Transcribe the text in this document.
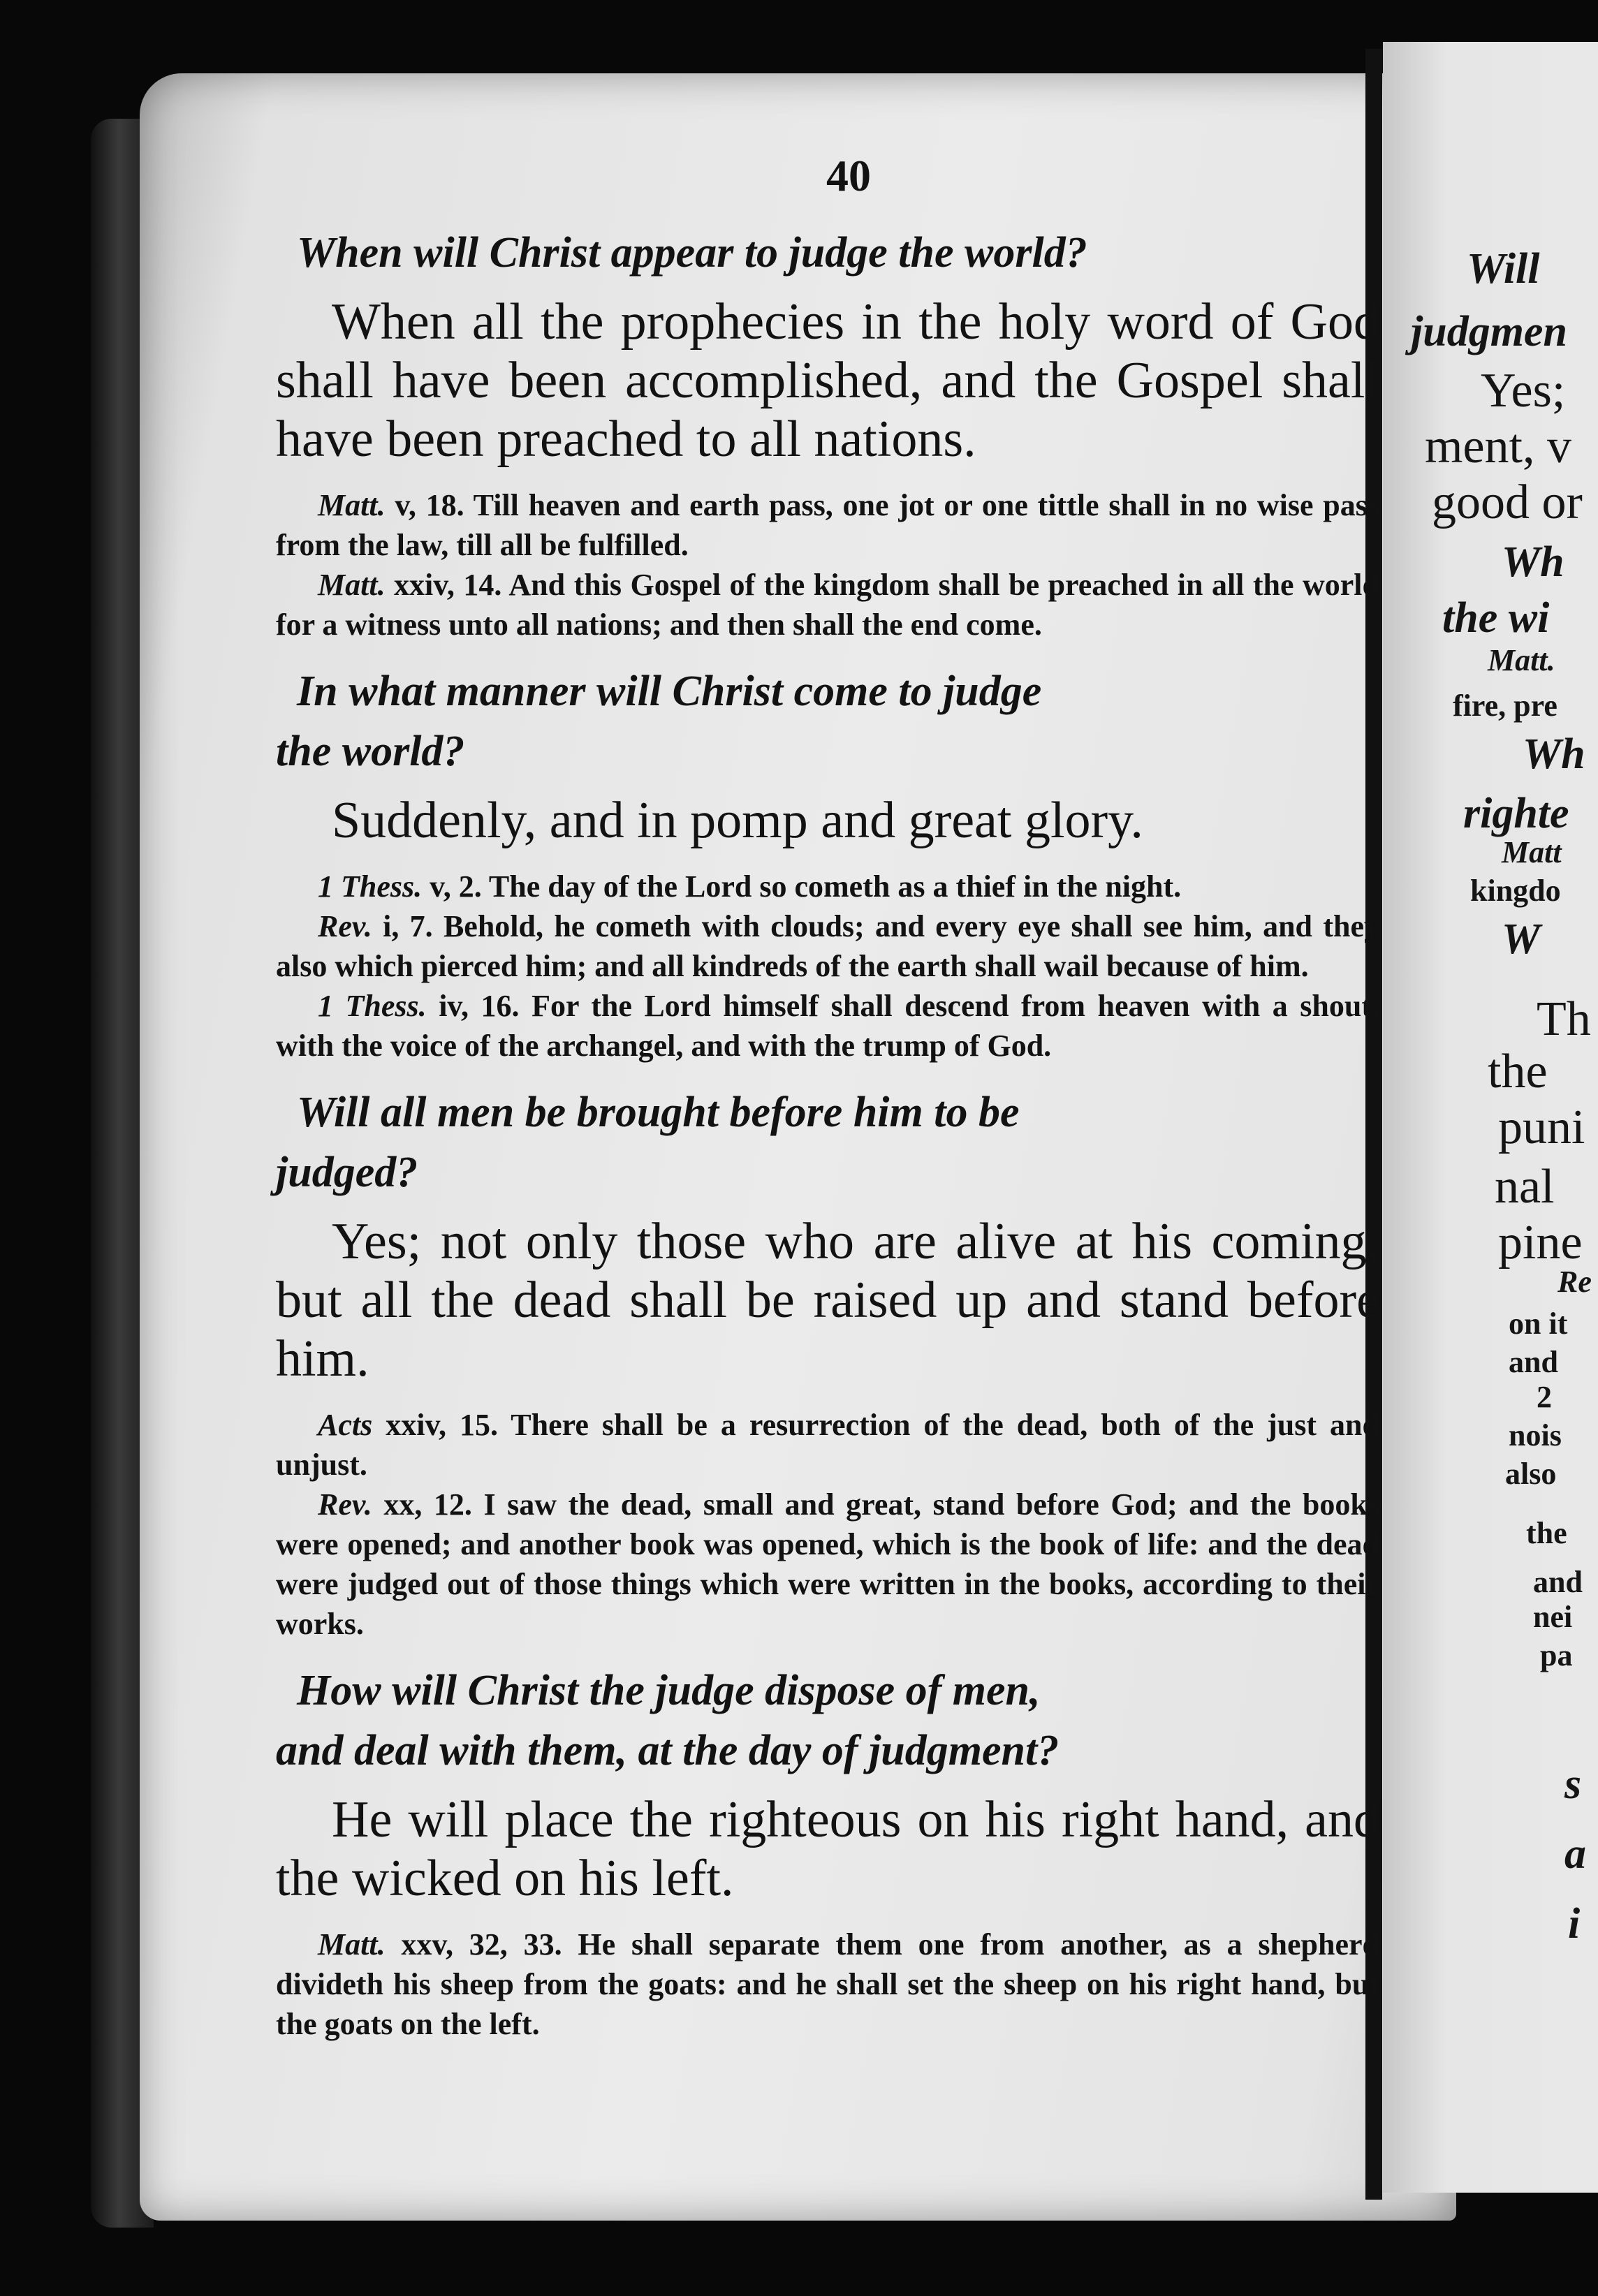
40
When will Christ appear to judge the world?

When all the prophecies in the holy word of God shall have been accomplished, and the Gospel shall have been preached to all nations.

Matt. v, 18. Till heaven and earth pass, one jot or one tittle shall in no wise pass from the law, till all be fulfilled.

Matt. xxiv, 14. And this Gospel of the kingdom shall be preached in all the world for a witness unto all nations; and then shall the end come.

In what manner will Christ come to judge
the world?

Suddenly, and in pomp and great glory.

1 Thess. v, 2. The day of the Lord so cometh as a thief in the night.

Rev. i, 7. Behold, he cometh with clouds; and every eye shall see him, and they also which pierced him; and all kindreds of the earth shall wail because of him.

1 Thess. iv, 16. For the Lord himself shall descend from heaven with a shout, with the voice of the archangel, and with the trump of God.

Will all men be brought before him to be
judged?

Yes; not only those who are alive at his coming, but all the dead shall be raised up and stand before him.

Acts xxiv, 15. There shall be a resurrection of the dead, both of the just and unjust.

Rev. xx, 12. I saw the dead, small and great, stand before God; and the books were opened; and another book was opened, which is the book of life: and the dead were judged out of those things which were written in the books, according to their works.

How will Christ the judge dispose of men,
and deal with them, at the day of judgment?

He will place the righteous on his right hand, and the wicked on his left.

Matt. xxv, 32, 33. He shall separate them one from another, as a shepherd divideth his sheep from the goats: and he shall set the sheep on his right hand, but the goats on the left.

Will
judgmen
Yes;
ment, v
good or
Wh
the wi
Matt.
fire, pre
Wh
righte
Matt
kingdo
W
Th
the
puni
nal
pine
Re
on it
and
2
nois
also
the
and
nei
pa
s
a
i
